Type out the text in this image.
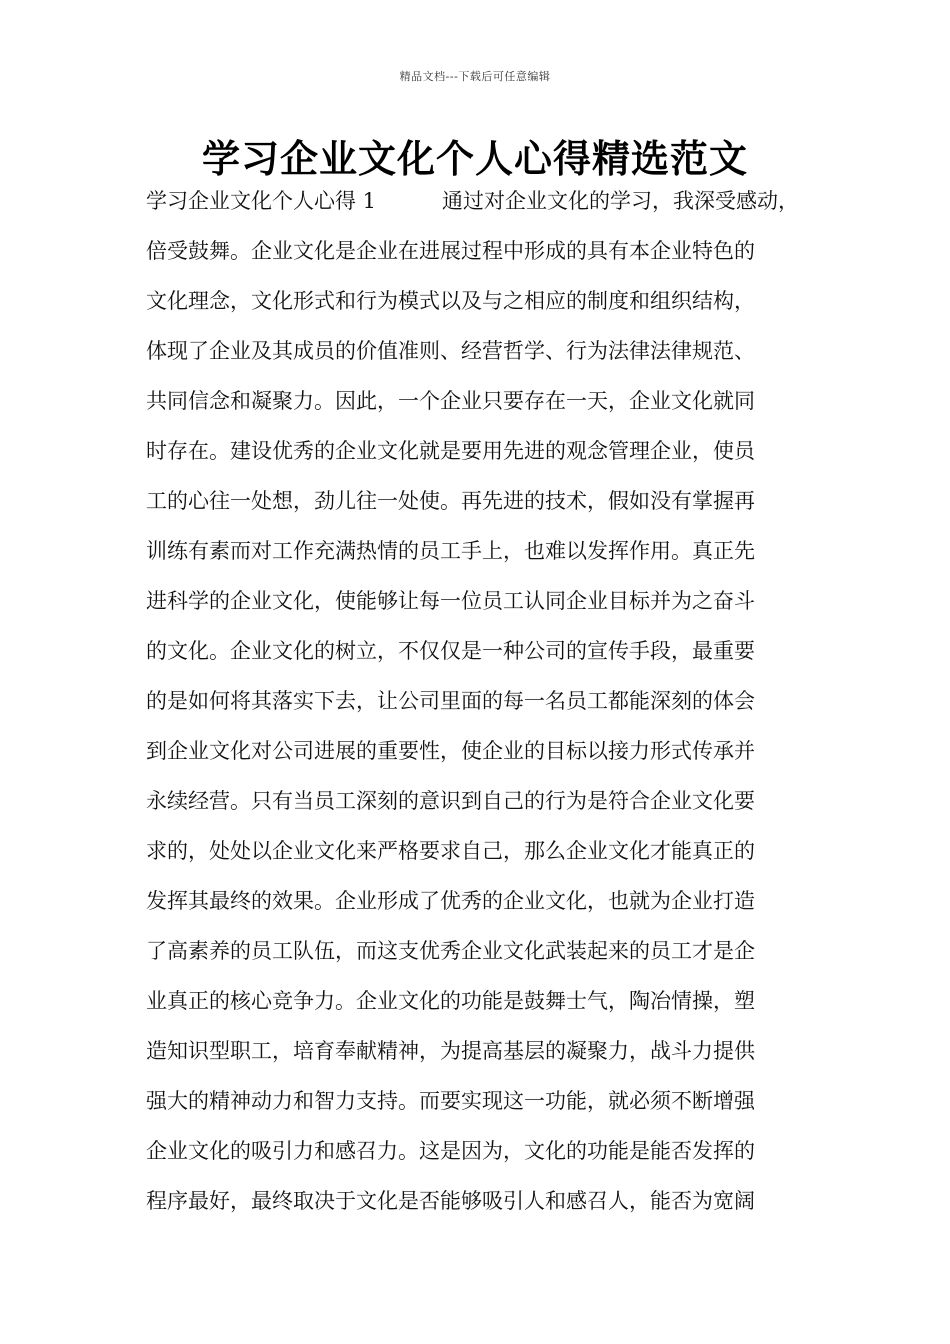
精品文档---下载后可任意编辑
学习企业文化个人心得精选范文
学习企业文化个人心得 1	通过对企业文化的学习，我深受感动，
倍受鼓舞。企业文化是企业在进展过程中形成的具有本企业特色的
文化理念，文化形式和行为模式以及与之相应的制度和组织结构，
体现了企业及其成员的价值准则、经营哲学、行为法律法律规范、
共同信念和凝聚力。因此，一个企业只要存在一天，企业文化就同
时存在。建设优秀的企业文化就是要用先进的观念管理企业，使员
工的心往一处想，劲儿往一处使。再先进的技术，假如没有掌握再
训练有素而对工作充满热情的员工手上，也难以发挥作用。真正先
进科学的企业文化，使能够让每一位员工认同企业目标并为之奋斗
的文化。企业文化的树立，不仅仅是一种公司的宣传手段，最重要
的是如何将其落实下去，让公司里面的每一名员工都能深刻的体会
到企业文化对公司进展的重要性，使企业的目标以接力形式传承并
永续经营。只有当员工深刻的意识到自己的行为是符合企业文化要
求的，处处以企业文化来严格要求自己，那么企业文化才能真正的
发挥其最终的效果。企业形成了优秀的企业文化，也就为企业打造
了高素养的员工队伍，而这支优秀企业文化武装起来的员工才是企
业真正的核心竞争力。企业文化的功能是鼓舞士气，陶冶情操，塑
造知识型职工，培育奉献精神，为提高基层的凝聚力，战斗力提供
强大的精神动力和智力支持。而要实现这一功能，就必须不断增强
企业文化的吸引力和感召力。这是因为，文化的功能是能否发挥的
程序最好，最终取决于文化是否能够吸引人和感召人，能否为宽阔
